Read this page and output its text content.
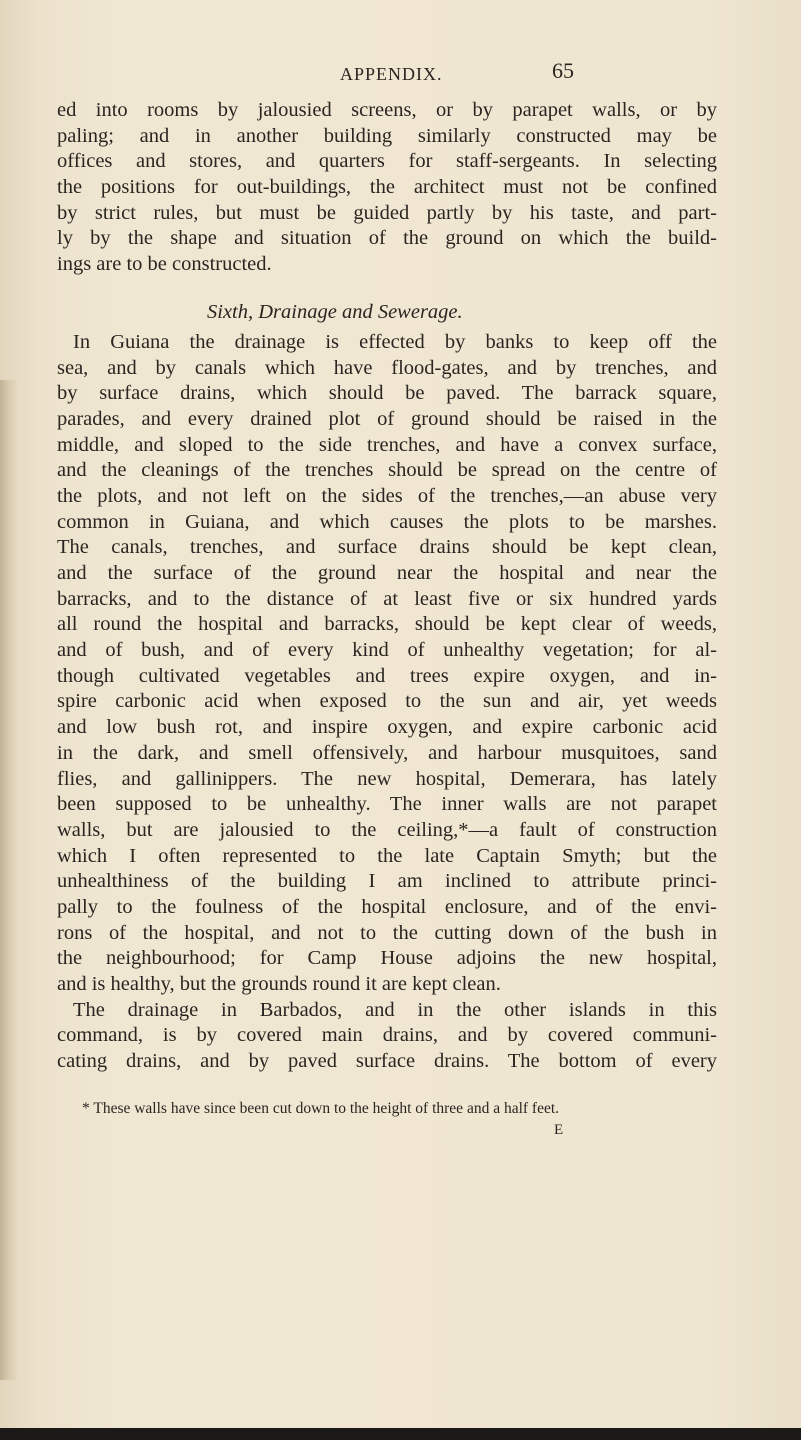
APPENDIX.	65
ed into rooms by jalousied screens, or by parapet walls, or by
paling; and in another building similarly constructed may be
offices and stores, and quarters for staff-sergeants. In selecting
the positions for out-buildings, the architect must not be confined
by strict rules, but must be guided partly by his taste, and part-
ly by the shape and situation of the ground on which the build-
ings are to be constructed.
Sixth, Drainage and Sewerage.
In Guiana the drainage is effected by banks to keep off the
sea, and by canals which have flood-gates, and by trenches, and
by surface drains, which should be paved. The barrack square,
parades, and every drained plot of ground should be raised in the
middle, and sloped to the side trenches, and have a convex surface,
and the cleanings of the trenches should be spread on the centre of
the plots, and not left on the sides of the trenches,—an abuse very
common in Guiana, and which causes the plots to be marshes.
The canals, trenches, and surface drains should be kept clean,
and the surface of the ground near the hospital and near the
barracks, and to the distance of at least five or six hundred yards
all round the hospital and barracks, should be kept clear of weeds,
and of bush, and of every kind of unhealthy vegetation; for al-
though cultivated vegetables and trees expire oxygen, and in-
spire carbonic acid when exposed to the sun and air, yet weeds
and low bush rot, and inspire oxygen, and expire carbonic acid
in the dark, and smell offensively, and harbour musquitoes, sand
flies, and gallinippers. The new hospital, Demerara, has lately
been supposed to be unhealthy. The inner walls are not parapet
walls, but are jalousied to the ceiling,*—a fault of construction
which I often represented to the late Captain Smyth; but the
unhealthiness of the building I am inclined to attribute princi-
pally to the foulness of the hospital enclosure, and of the envi-
rons of the hospital, and not to the cutting down of the bush in
the neighbourhood; for Camp House adjoins the new hospital,
and is healthy, but the grounds round it are kept clean.
The drainage in Barbados, and in the other islands in this
command, is by covered main drains, and by covered communi-
cating drains, and by paved surface drains. The bottom of every
* These walls have since been cut down to the height of three and a half feet.
E
